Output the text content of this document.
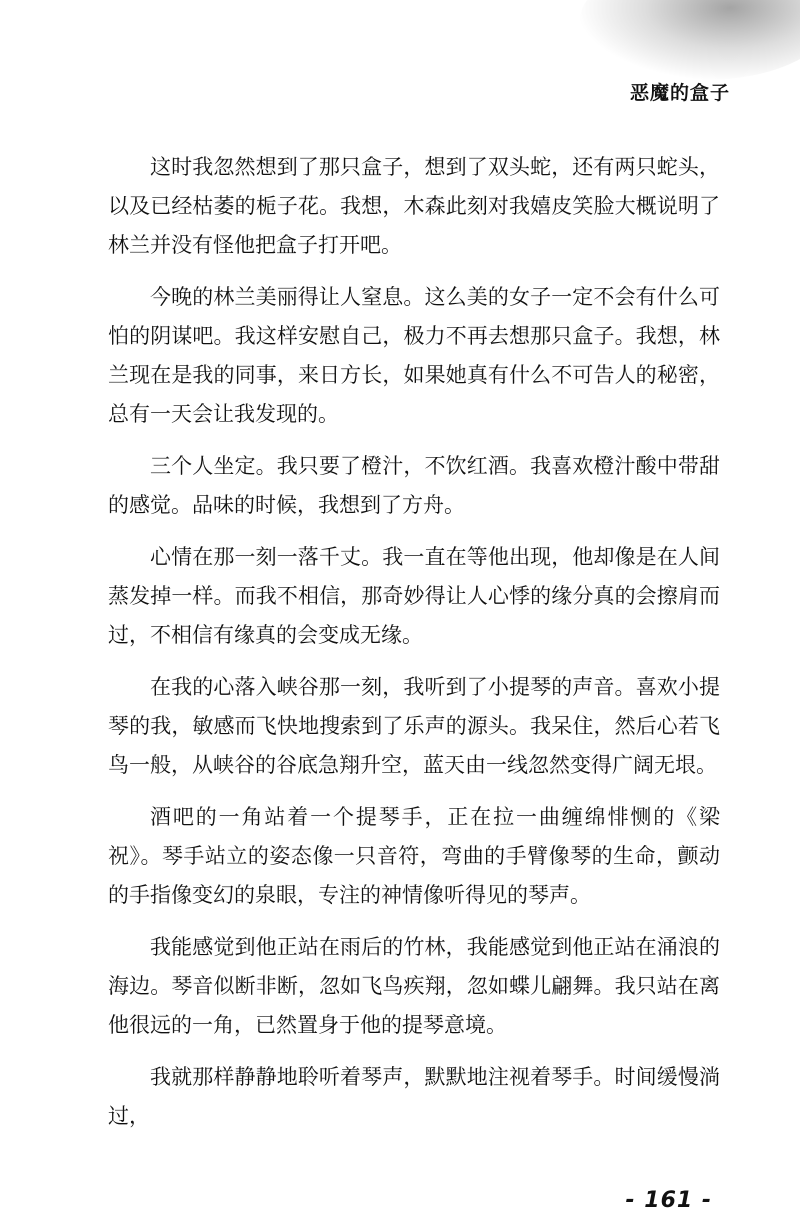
恶魔的盒子

这时我忽然想到了那只盒子，想到了双头蛇，还有两只蛇头，以及已经枯萎的栀子花。我想，木森此刻对我嬉皮笑脸大概说明了林兰并没有怪他把盒子打开吧。

今晚的林兰美丽得让人窒息。这么美的女子一定不会有什么可怕的阴谋吧。我这样安慰自己，极力不再去想那只盒子。我想，林兰现在是我的同事，来日方长，如果她真有什么不可告人的秘密，总有一天会让我发现的。

三个人坐定。我只要了橙汁，不饮红酒。我喜欢橙汁酸中带甜的感觉。品味的时候，我想到了方舟。

心情在那一刻一落千丈。我一直在等他出现，他却像是在人间蒸发掉一样。而我不相信，那奇妙得让人心悸的缘分真的会擦肩而过，不相信有缘真的会变成无缘。

在我的心落入峡谷那一刻，我听到了小提琴的声音。喜欢小提琴的我，敏感而飞快地搜索到了乐声的源头。我呆住，然后心若飞鸟一般，从峡谷的谷底急翔升空，蓝天由一线忽然变得广阔无垠。

酒吧的一角站着一个提琴手，正在拉一曲缠绵悱恻的《梁祝》。琴手站立的姿态像一只音符，弯曲的手臂像琴的生命，颤动的手指像变幻的泉眼，专注的神情像听得见的琴声。

我能感觉到他正站在雨后的竹林，我能感觉到他正站在涌浪的海边。琴音似断非断，忽如飞鸟疾翔，忽如蝶儿翩舞。我只站在离他很远的一角，已然置身于他的提琴意境。

我就那样静静地聆听着琴声，默默地注视着琴手。时间缓慢淌过，

- 161 -
